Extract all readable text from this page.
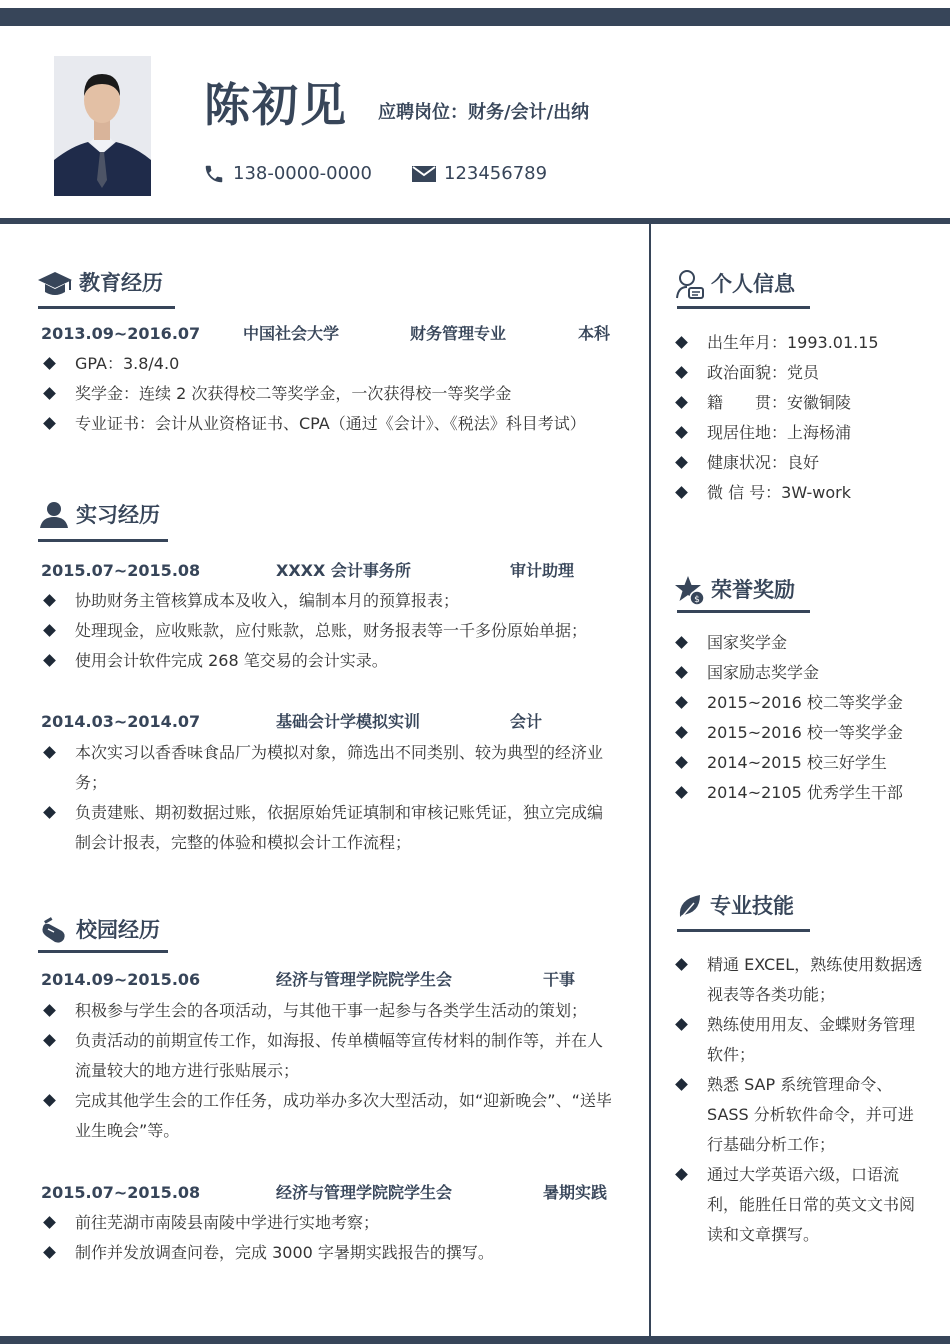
陈初见 应聘岗位：财务/会计/出纳
138-0000-0000	123456789
教育经历
2013.09~2016.07	中国社会大学	财务管理专业	本科
GPA：3.8/4.0
奖学金：连续 2 次获得校二等奖学金，一次获得校一等奖学金
专业证书：会计从业资格证书、CPA（通过《会计》、《税法》科目考试）
实习经历
2015.07~2015.08	XXXX 会计事务所	审计助理
协助财务主管核算成本及收入，编制本月的预算报表；
处理现金，应收账款，应付账款，总账，财务报表等一千多份原始单据；
使用会计软件完成 268 笔交易的会计实录。
2014.03~2014.07	基础会计学模拟实训	会计
本次实习以香香味食品厂为模拟对象，筛选出不同类别、较为典型的经济业务；
负责建账、期初数据过账，依据原始凭证填制和审核记账凭证，独立完成编制会计报表，完整的体验和模拟会计工作流程；
校园经历
2014.09~2015.06	经济与管理学院院学生会	干事
积极参与学生会的各项活动，与其他干事一起参与各类学生活动的策划；
负责活动的前期宣传工作，如海报、传单横幅等宣传材料的制作等，并在人流量较大的地方进行张贴展示；
完成其他学生会的工作任务，成功举办多次大型活动，如“迎新晚会”、“送毕业生晚会”等。
2015.07~2015.08	经济与管理学院院学生会	暑期实践
前往芜湖市南陵县南陵中学进行实地考察；
制作并发放调查问卷，完成 3000 字暑期实践报告的撰写。
个人信息
出生年月：1993.01.15
政治面貌：党员
籍　　贯：安徽铜陵
现居住地：上海杨浦
健康状况：良好
微 信 号：3W-work
$ 荣誉奖励
国家奖学金
国家励志奖学金
2015~2016 校二等奖学金
2015~2016 校一等奖学金
2014~2015 校三好学生
2014~2105 优秀学生干部
专业技能
精通 EXCEL，熟练使用数据透视表等各类功能；
熟练使用用友、金蝶财务管理软件；
熟悉 SAP 系统管理命令、SASS 分析软件命令，并可进行基础分析工作；
通过大学英语六级，口语流利，能胜任日常的英文文书阅读和文章撰写。
